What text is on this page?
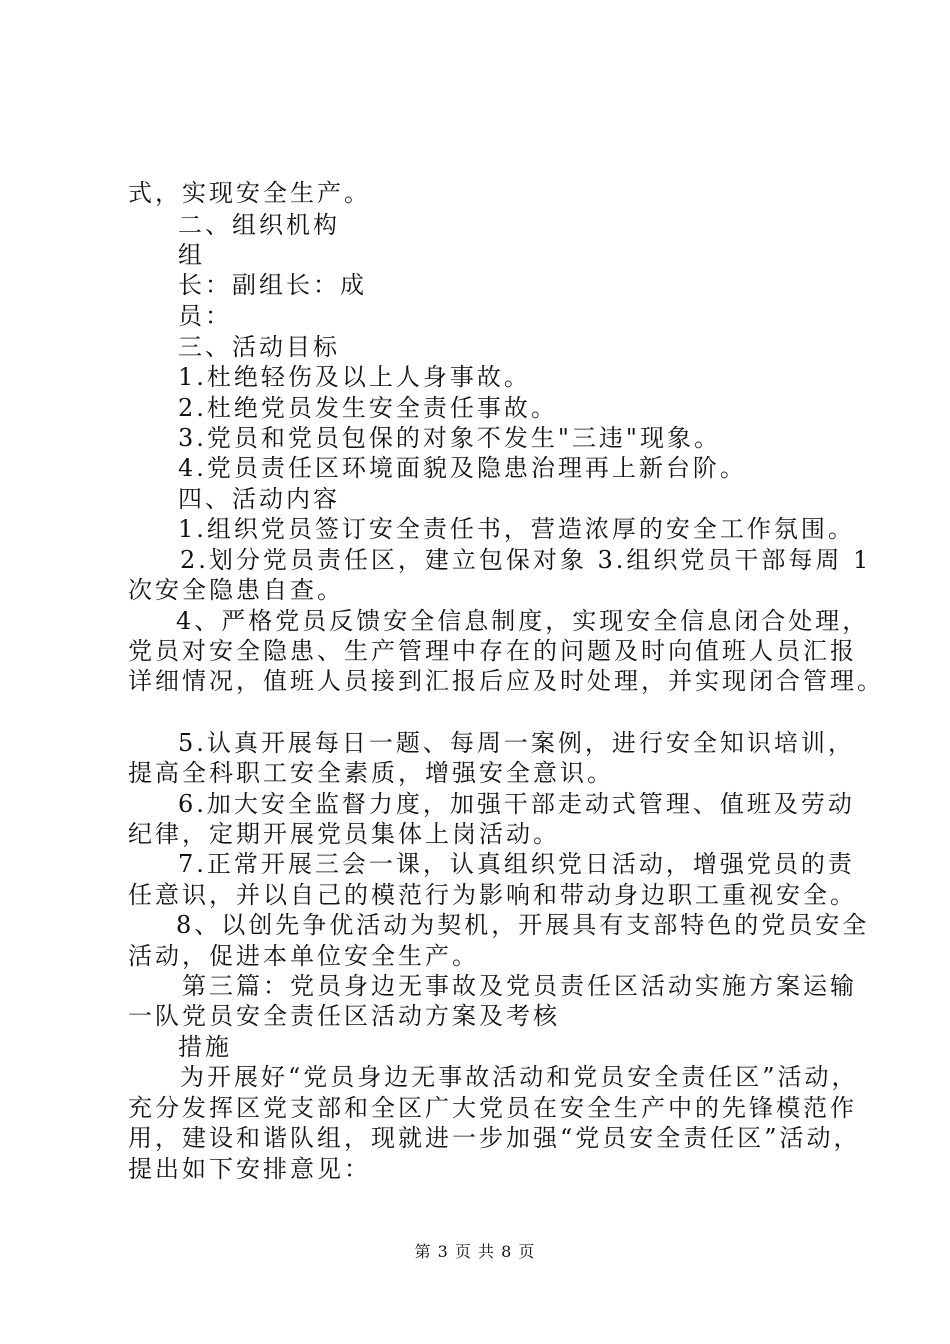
式，实现安全生产。
二、组织机构
组
长：副组长：成
员：
三、活动目标
1.杜绝轻伤及以上人身事故。
2.杜绝党员发生安全责任事故。
3.党员和党员包保的对象不发生"三违"现象。
4.党员责任区环境面貌及隐患治理再上新台阶。
四、活动内容
1.组织党员签订安全责任书，营造浓厚的安全工作氛围。
2.划分党员责任区，建立包保对象 3.组织党员干部每周 1
次安全隐患自查。
4、严格党员反馈安全信息制度，实现安全信息闭合处理，
党员对安全隐患、生产管理中存在的问题及时向值班人员汇报
详细情况，值班人员接到汇报后应及时处理，并实现闭合管理。
5.认真开展每日一题、每周一案例，进行安全知识培训，
提高全科职工安全素质，增强安全意识。
6.加大安全监督力度，加强干部走动式管理、值班及劳动
纪律，定期开展党员集体上岗活动。
7.正常开展三会一课，认真组织党日活动，增强党员的责
任意识，并以自己的模范行为影响和带动身边职工重视安全。
8、以创先争优活动为契机，开展具有支部特色的党员安全
活动，促进本单位安全生产。
第三篇：党员身边无事故及党员责任区活动实施方案运输
一队党员安全责任区活动方案及考核
措施
为开展好“党员身边无事故活动和党员安全责任区”活动，
充分发挥区党支部和全区广大党员在安全生产中的先锋模范作
用，建设和谐队组，现就进一步加强“党员安全责任区”活动，
提出如下安排意见：
第 3 页 共 8 页
